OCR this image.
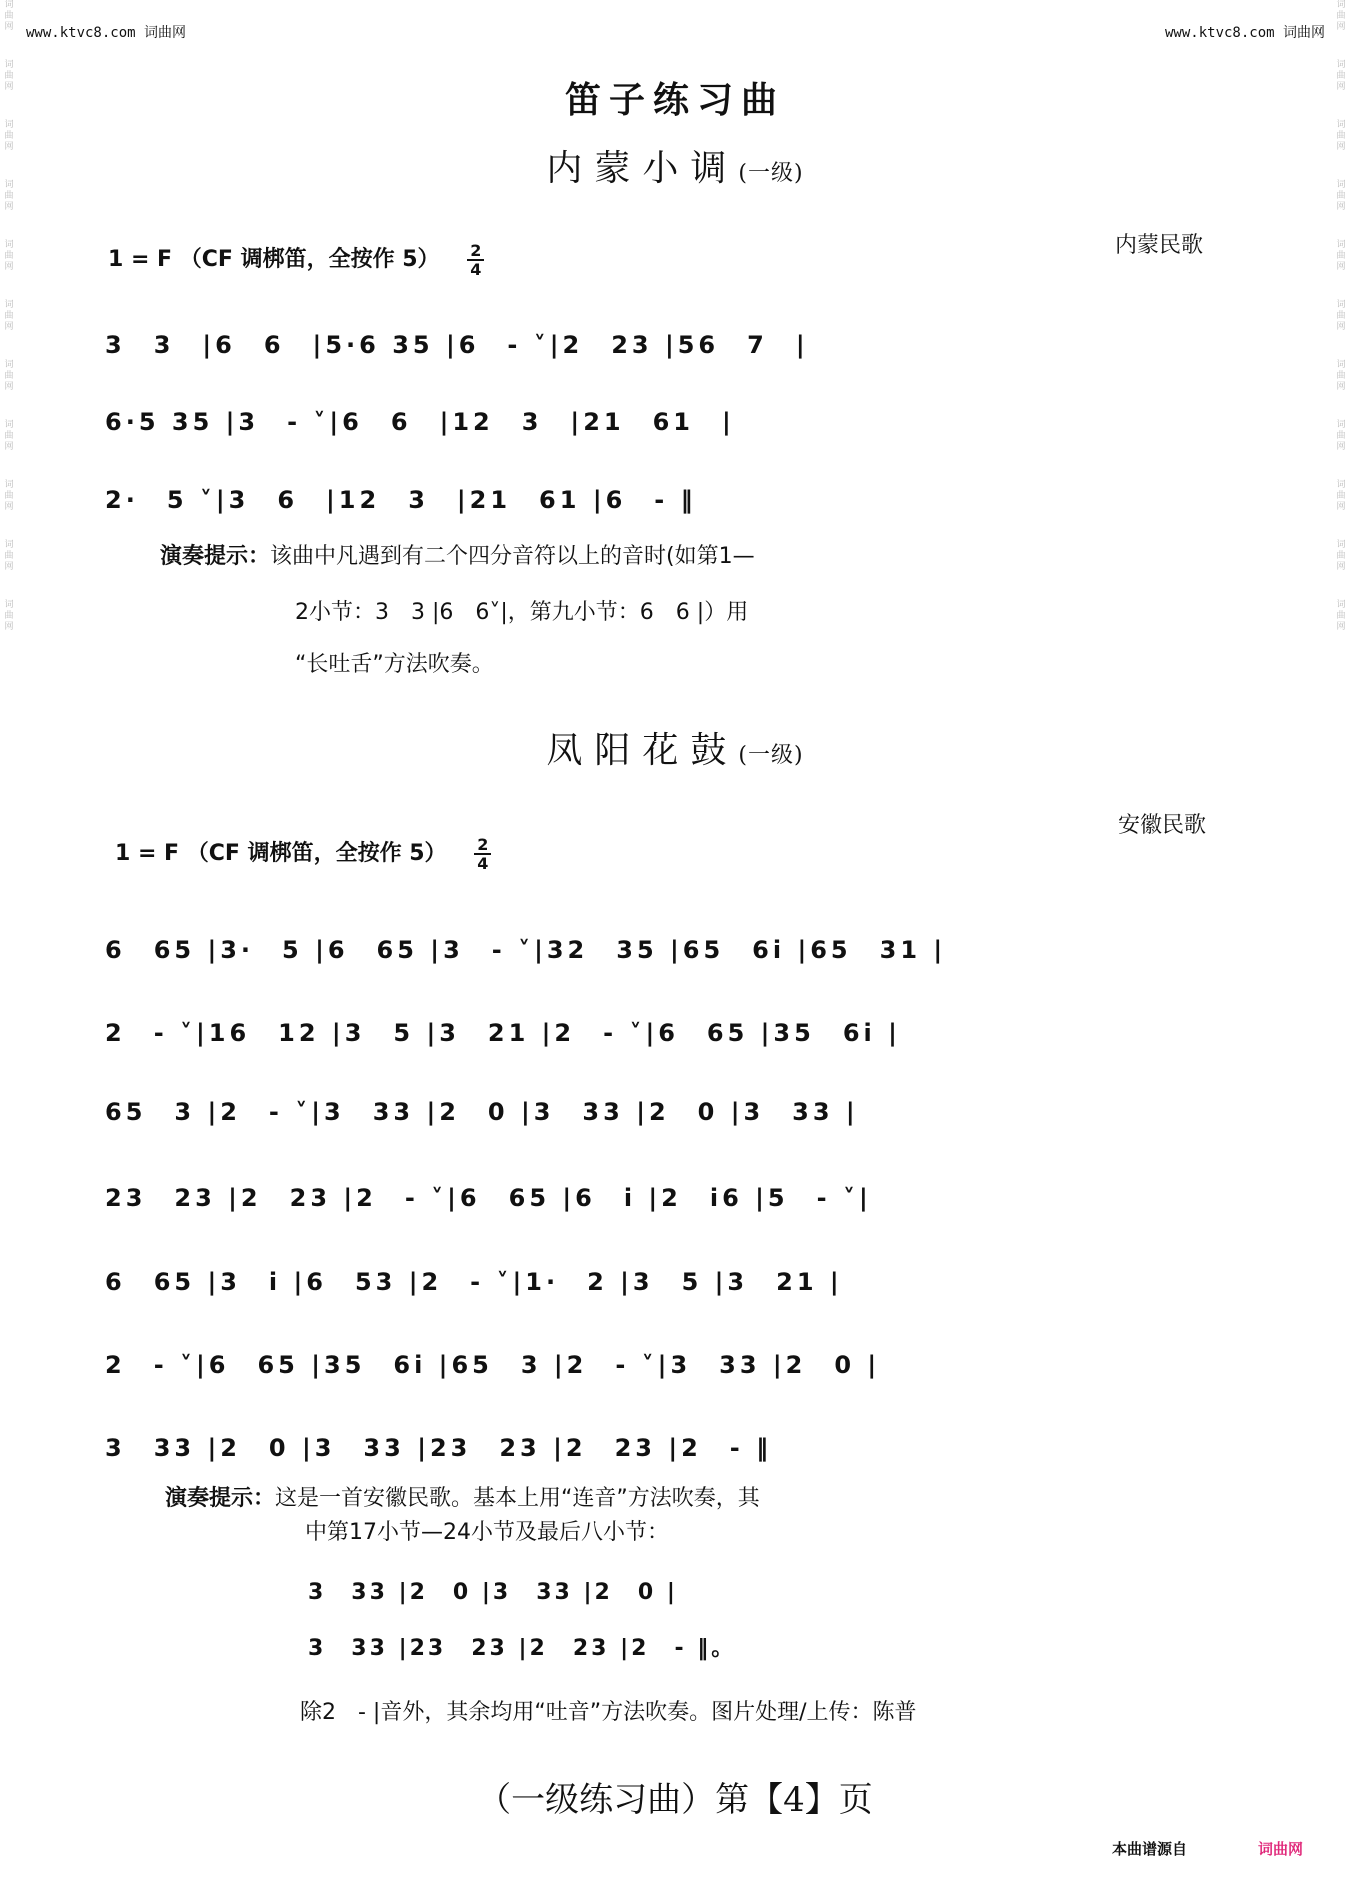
www.ktvc8.com 词曲网	www.ktvc8.com 词曲网
词
曲
网
词
曲
网
词
曲
网
词
曲
网
词
曲
网
词
曲
网
词
曲
网
词
曲
网
词
曲
网
词
曲
网
词
曲
网
词
曲
网
词
曲
网
词
曲
网
词
曲
网
词
曲
网
词
曲
网
词
曲
网
词
曲
网
词
曲
网
词
曲
网
词
曲
网
笛子练习曲
内蒙小调(一级)
内蒙民歌
1 = F （CF 调梆笛，全按作 $5) \frac{2}{4}$
3　3　|6　6　|5·6 35 |6　- ˅|2　23 |56　7　|
6·5 35 |3　- ˅|6　6　|12　3　|21　61　|
2·　5 ˅|3　6　|12　3　|21　61 |6　- ‖
演奏提示：该曲中凡遇到有二个四分音符以上的音时(如第1—
2小节：3　3 |6　6˅|，第九小节：6　6 |）用
“长吐舌”方法吹奏。
凤阳花鼓(一级)
安徽民歌
1 = F （CF 调梆笛，全按作 $5) \frac{2}{4}$
6　65 |3·　5 |6　65 |3　- ˅|32　35 |65　6i |65　31 |
2　- ˅|16　12 |3　5 |3　21 |2　- ˅|6　65 |35　6i |
65　3 |2　- ˅|3　33 |2　0 |3　33 |2　0 |3　33 |
23　23 |2　23 |2　- ˅|6　65 |6　i |2　i6 |5　- ˅|
6　65 |3　i |6　53 |2　- ˅|1·　2 |3　5 |3　21 |
2　- ˅|6　65 |35　6i |65　3 |2　- ˅|3　33 |2　0 |
3　33 |2　0 |3　33 |23　23 |2　23 |2　- ‖
演奏提示：这是一首安徽民歌。基本上用“连音”方法吹奏，其
中第17小节—24小节及最后八小节：
3　33 |2　0 |3　33 |2　0 |
3　33 |23　23 |2　23 |2　- ‖。
除2　- |音外，其余均用“吐音”方法吹奏。图片处理/上传：陈普
（一级练习曲）第【4】页
本曲谱源自	词曲网
